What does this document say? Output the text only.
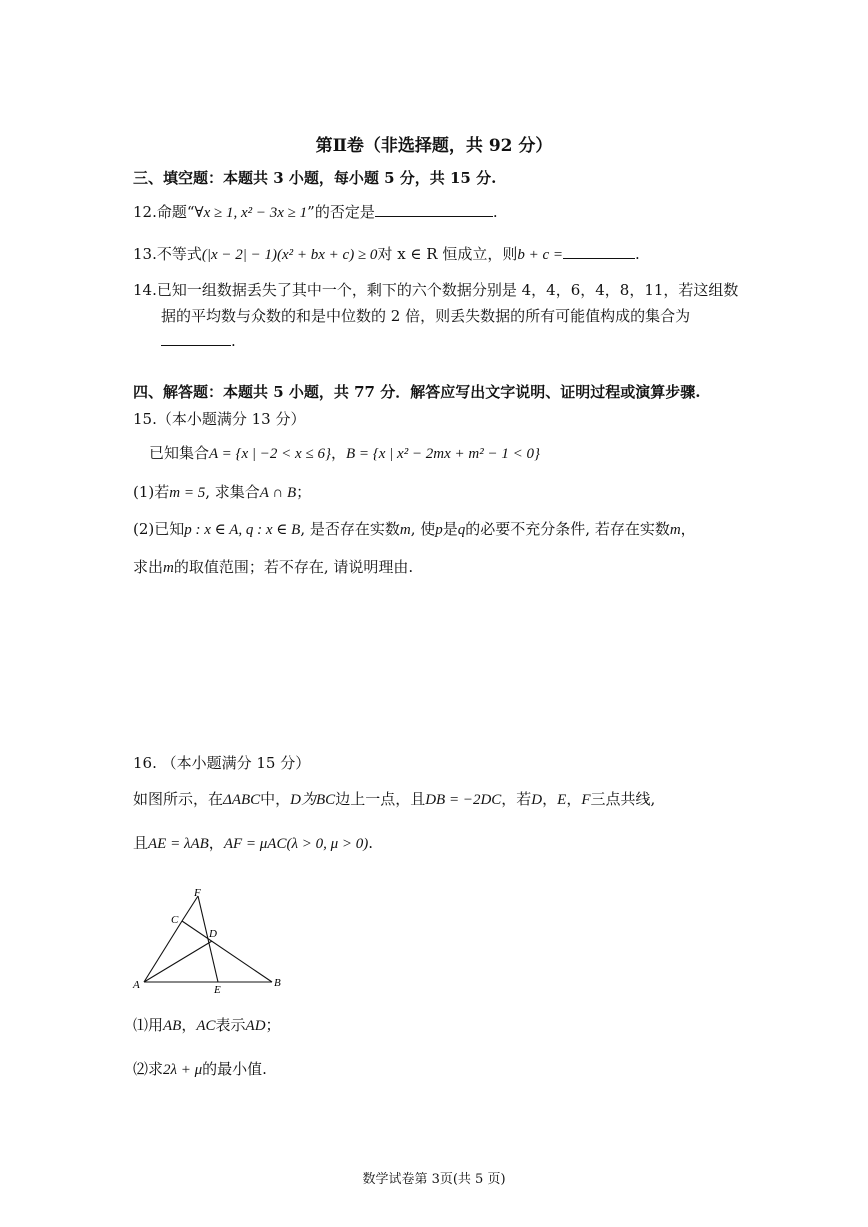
第Ⅱ卷（非选择题，共 92 分）
三、填空题：本题共 3 小题，每小题 5 分，共 15 分.
12.命题“∀x ≥ 1, x² − 3x ≥ 1”的否定是	.
13.不等式(|x − 2| − 1)(x² + bx + c) ≥ 0对 x ∈ R 恒成立，则b + c =	.
14.已知一组数据丢失了其中一个，剩下的六个数据分别是 4，4，6，4，8，11，若这组数
据的平均数与众数的和是中位数的 2 倍，则丢失数据的所有可能值构成的集合为
.
四、解答题：本题共 5 小题，共 77 分．解答应写出文字说明、证明过程或演算步骤.
15.（本小题满分 13 分）
已知集合A = {x | −2 < x ≤ 6}，B = {x | x² − 2mx + m² − 1 < 0}
(1)若m = 5, 求集合A ∩ B；
(2)已知p : x ∈ A, q : x ∈ B, 是否存在实数m, 使p是q的必要不充分条件, 若存在实数m，
求出m的取值范围；若不存在, 请说明理由.
16. （本小题满分 15 分）
如图所示，在ΔABC中，D为BC边上一点，且DB = −2DC，若D，E，F三点共线,
且AE = λAB，AF = μAC(λ > 0, μ > 0).
F
C
D
A	E
B
⑴用AB，AC表示AD；
⑵求2λ + μ的最小值.
数学试卷第 3页(共 5 页)
